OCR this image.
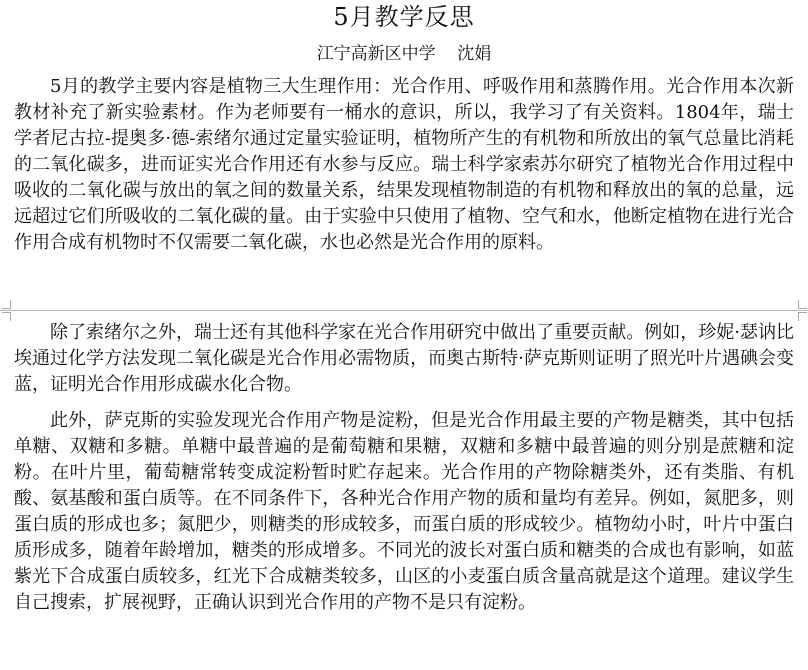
5月教学反思
江宁高新区中学    沈娟

5月的教学主要内容是植物三大生理作用：光合作用、呼吸作用和蒸腾作用。光合作用本次新教材补充了新实验素材。作为老师要有一桶水的意识，所以，我学习了有关资料。1804年，瑞士学者尼古拉-提奥多·德-索绪尔通过定量实验证明，植物所产生的有机物和所放出的氧气总量比消耗的二氧化碳多，进而证实光合作用还有水参与反应。瑞士科学家索苏尔研究了植物光合作用过程中吸收的二氧化碳与放出的氧之间的数量关系，结果发现植物制造的有机物和释放出的氧的总量，远远超过它们所吸收的二氧化碳的量。由于实验中只使用了植物、空气和水，他断定植物在进行光合作用合成有机物时不仅需要二氧化碳，水也必然是光合作用的原料。

除了索绪尔之外，瑞士还有其他科学家在光合作用研究中做出了重要贡献。例如，珍妮·瑟讷比埃通过化学方法发现二氧化碳是光合作用必需物质，而奥古斯特·萨克斯则证明了照光叶片遇碘会变蓝，证明光合作用形成碳水化合物。

此外，萨克斯的实验发现光合作用产物是淀粉，但是光合作用最主要的产物是糖类，其中包括单糖、双糖和多糖。单糖中最普遍的是葡萄糖和果糖，双糖和多糖中最普遍的则分别是蔗糖和淀粉。在叶片里，葡萄糖常转变成淀粉暂时贮存起来。光合作用的产物除糖类外，还有类脂、有机酸、氨基酸和蛋白质等。在不同条件下，各种光合作用产物的质和量均有差异。例如，氮肥多，则蛋白质的形成也多；氮肥少，则糖类的形成较多，而蛋白质的形成较少。植物幼小时，叶片中蛋白质形成多，随着年龄增加，糖类的形成增多。不同光的波长对蛋白质和糖类的合成也有影响，如蓝紫光下合成蛋白质较多，红光下合成糖类较多，山区的小麦蛋白质含量高就是这个道理。建议学生自己搜索，扩展视野，正确认识到光合作用的产物不是只有淀粉。
